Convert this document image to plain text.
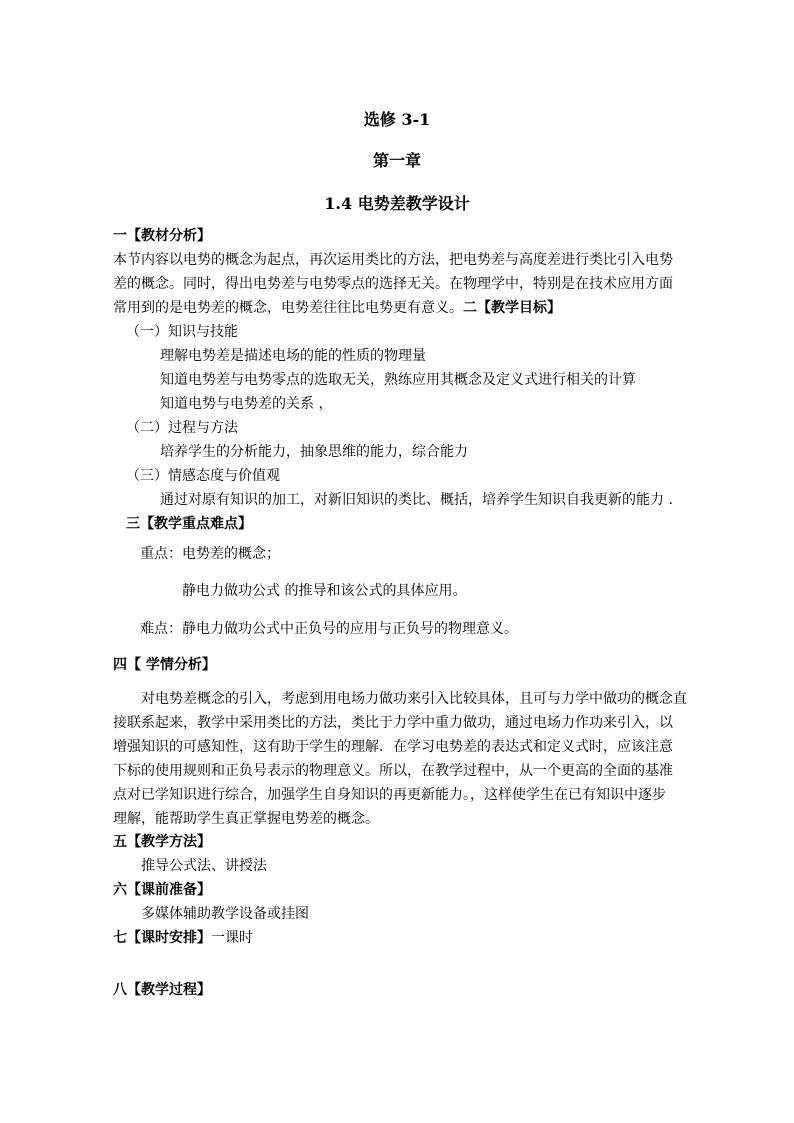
选修 3-1
第一章
1.4 电势差教学设计
一【教材分析】
本节内容以电势的概念为起点，再次运用类比的方法，把电势差与高度差进行类比引入电势
差的概念。同时，得出电势差与电势零点的选择无关。在物理学中，特别是在技术应用方面
常用到的是电势差的概念，电势差往往比电势更有意义。二【教学目标】
（一）知识与技能
理解电势差是描述电场的能的性质的物理量
知道电势差与电势零点的选取无关，熟练应用其概念及定义式进行相关的计算
知道电势与电势差的关系 ，
（二）过程与方法
培养学生的分析能力，抽象思维的能力，综合能力
（三）情感态度与价值观
通过对原有知识的加工，对新旧知识的类比、概括，培养学生知识自我更新的能力 .
三【教学重点难点】
重点：电势差的概念；
静电力做功公式 的推导和该公式的具体应用。
难点：静电力做功公式中正负号的应用与正负号的物理意义。
四【 学情分析】
对电势差概念的引入，考虑到用电场力做功来引入比较具体，且可与力学中做功的概念直
接联系起来，教学中采用类比的方法，类比于力学中重力做功，通过电场力作功来引入，以
增强知识的可感知性，这有助于学生的理解．在学习电势差的表达式和定义式时，应该注意
下标的使用规则和正负号表示的物理意义。所以，在教学过程中，从一个更高的全面的基准
点对已学知识进行综合，加强学生自身知识的再更新能力。，这样使学生在已有知识中逐步
理解，能帮助学生真正掌握电势差的概念。
五【教学方法】
推导公式法、讲授法
六【课前准备】
多媒体辅助教学设备或挂图
七【课时安排】一课时
八【教学过程】
